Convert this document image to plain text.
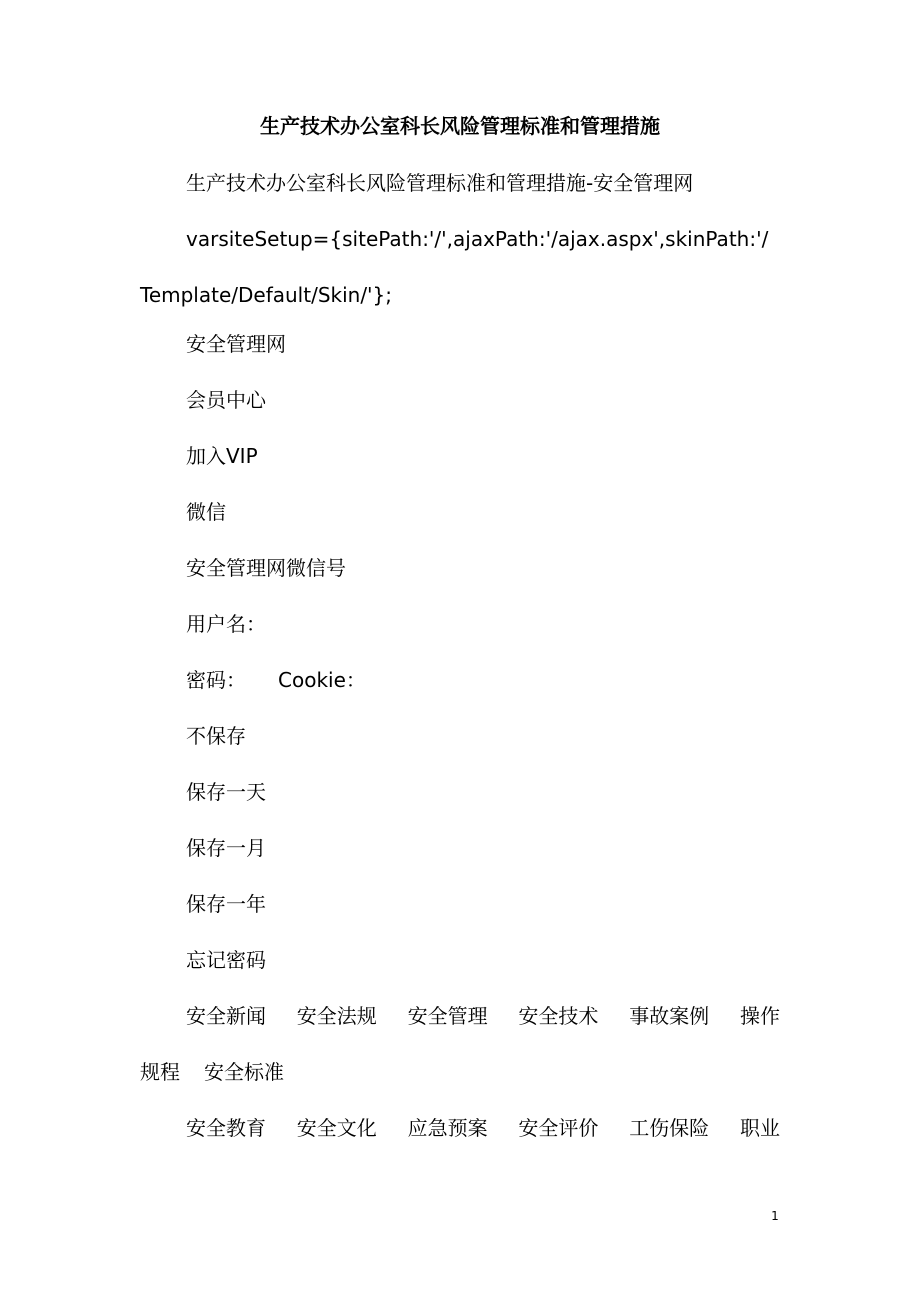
生产技术办公室科长风险管理标准和管理措施
生产技术办公室科长风险管理标准和管理措施-安全管理网
varsiteSetup={sitePath:'/',ajaxPath:'/ajax.aspx',skinPath:'/Template/Default/Skin/'};
安全管理网
会员中心
加入VIP
微信
安全管理网微信号
用户名：
密码： Cookie：
不保存
保存一天
保存一月
保存一年
忘记密码
安全新闻 安全法规 安全管理 安全技术 事故案例 操作
规程 安全标准
安全教育 安全文化 应急预案 安全评价 工伤保险 职业
1
